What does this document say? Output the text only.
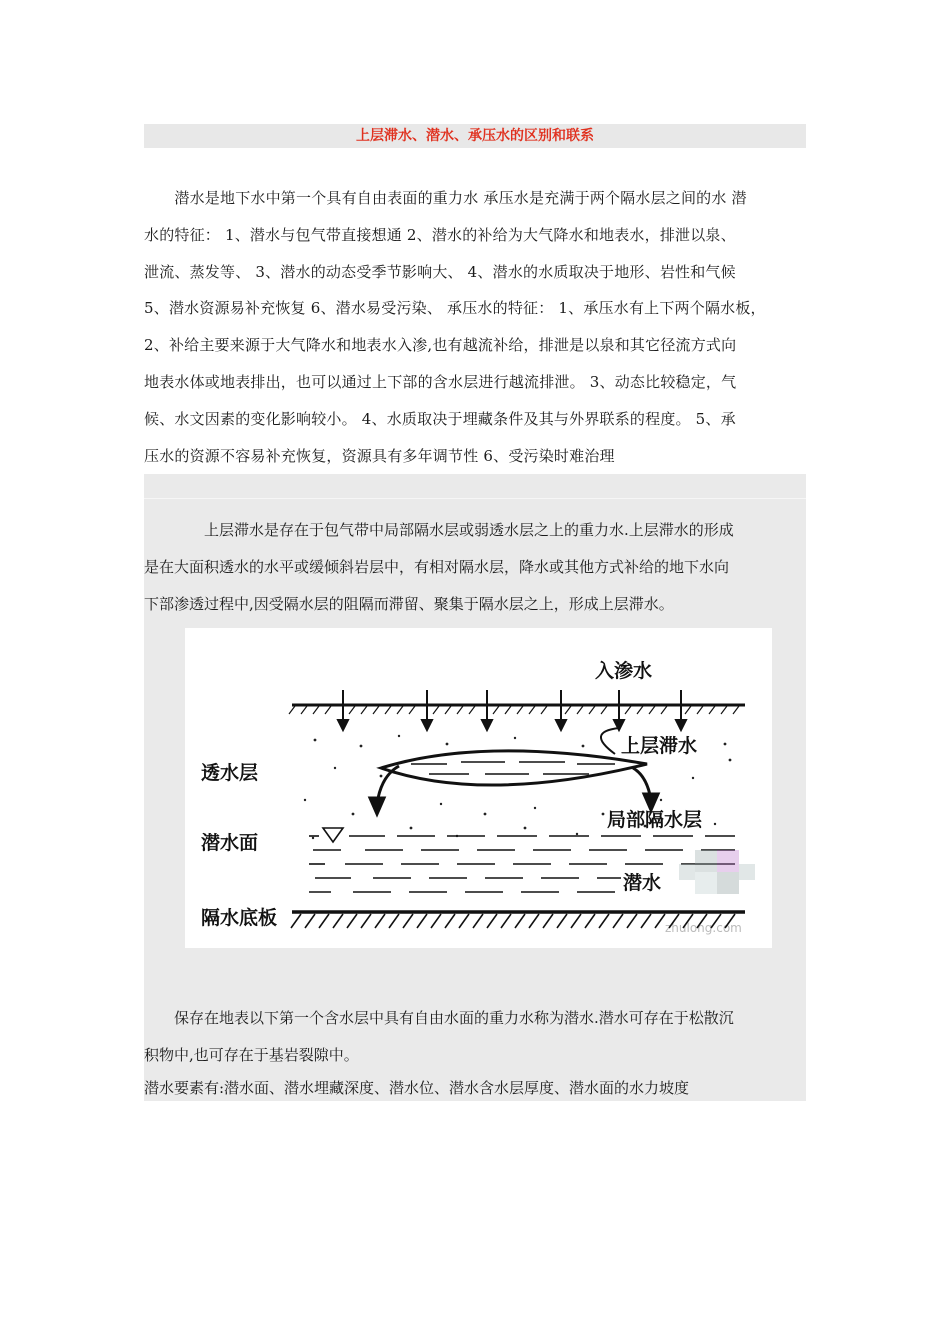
上层滞水、潜水、承压水的区别和联系
　　潜水是地下水中第一个具有自由表面的重力水 承压水是充满于两个隔水层之间的水 潜
水的特征： 1、潜水与包气带直接想通 2、潜水的补给为大气降水和地表水，排泄以泉、
泄流、蒸发等、 3、潜水的动态受季节影响大、 4、潜水的水质取决于地形、岩性和气候
5、潜水资源易补充恢复 6、潜水易受污染、 承压水的特征： 1、承压水有上下两个隔水板，
2、补给主要来源于大气降水和地表水入渗,也有越流补给，排泄是以泉和其它径流方式向
地表水体或地表排出，也可以通过上下部的含水层进行越流排泄。 3、动态比较稳定，气
候、水文因素的变化影响较小。 4、水质取决于埋藏条件及其与外界联系的程度。 5、承
压水的资源不容易补充恢复，资源具有多年调节性 6、受污染时难治理
　　　　上层滞水是存在于包气带中局部隔水层或弱透水层之上的重力水.上层滞水的形成
是在大面积透水的水平或缓倾斜岩层中，有相对隔水层，降水或其他方式补给的地下水向
下部渗透过程中,因受隔水层的阻隔而滞留、聚集于隔水层之上，形成上层滞水。
入渗水
上层滞水
透水层
局部隔水层
潜水面
潜水
zhulong.com
隔水底板
　　保存在地表以下第一个含水层中具有自由水面的重力水称为潜水.潜水可存在于松散沉
积物中,也可存在于基岩裂隙中。
潜水要素有:潜水面、潜水埋藏深度、潜水位、潜水含水层厚度、潜水面的水力坡度
